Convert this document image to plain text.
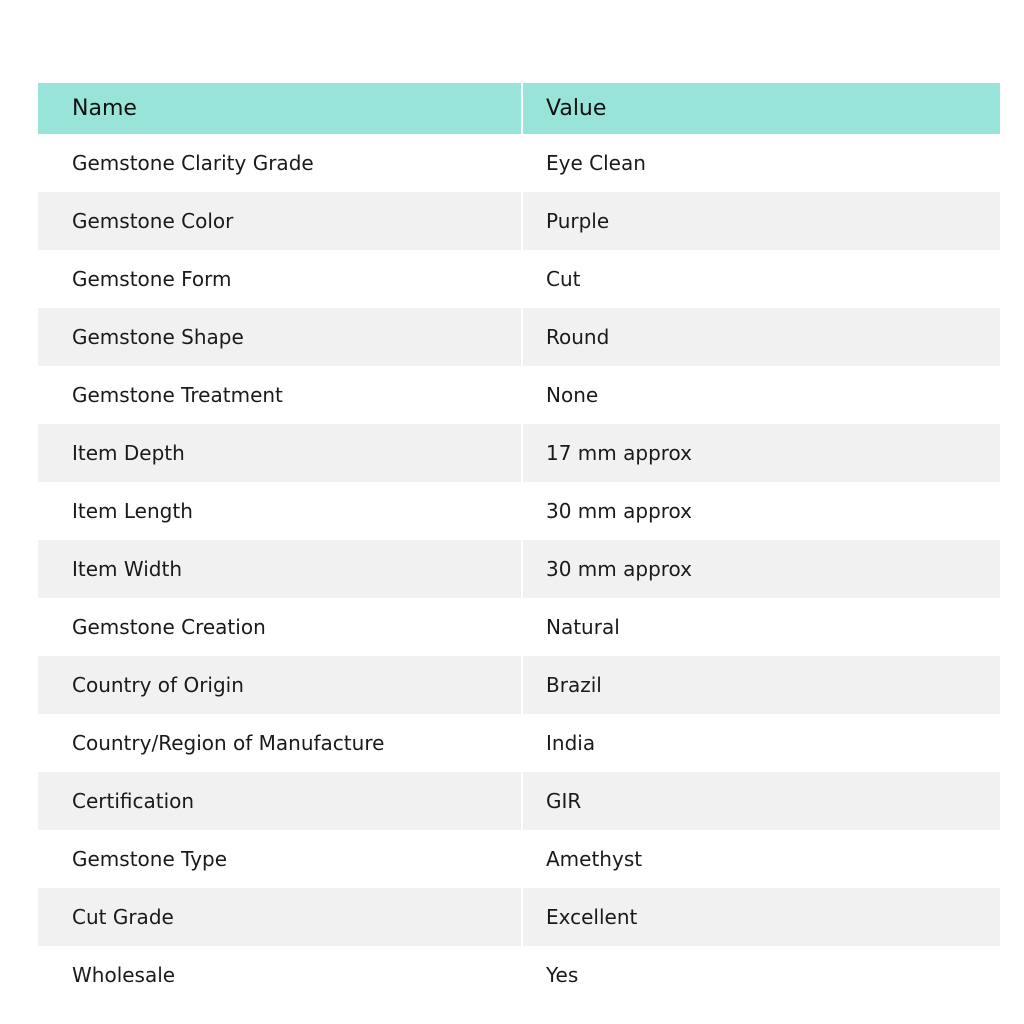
Name	Value
Gemstone Clarity Grade	Eye Clean
Gemstone Color	Purple
Gemstone Form	Cut
Gemstone Shape	Round
Gemstone Treatment	None
Item Depth	17 mm approx
Item Length	30 mm approx
Item Width	30 mm approx
Gemstone Creation	Natural
Country of Origin	Brazil
Country/Region of Manufacture	India
Certification	GIR
Gemstone Type	Amethyst
Cut Grade	Excellent
Wholesale	Yes
